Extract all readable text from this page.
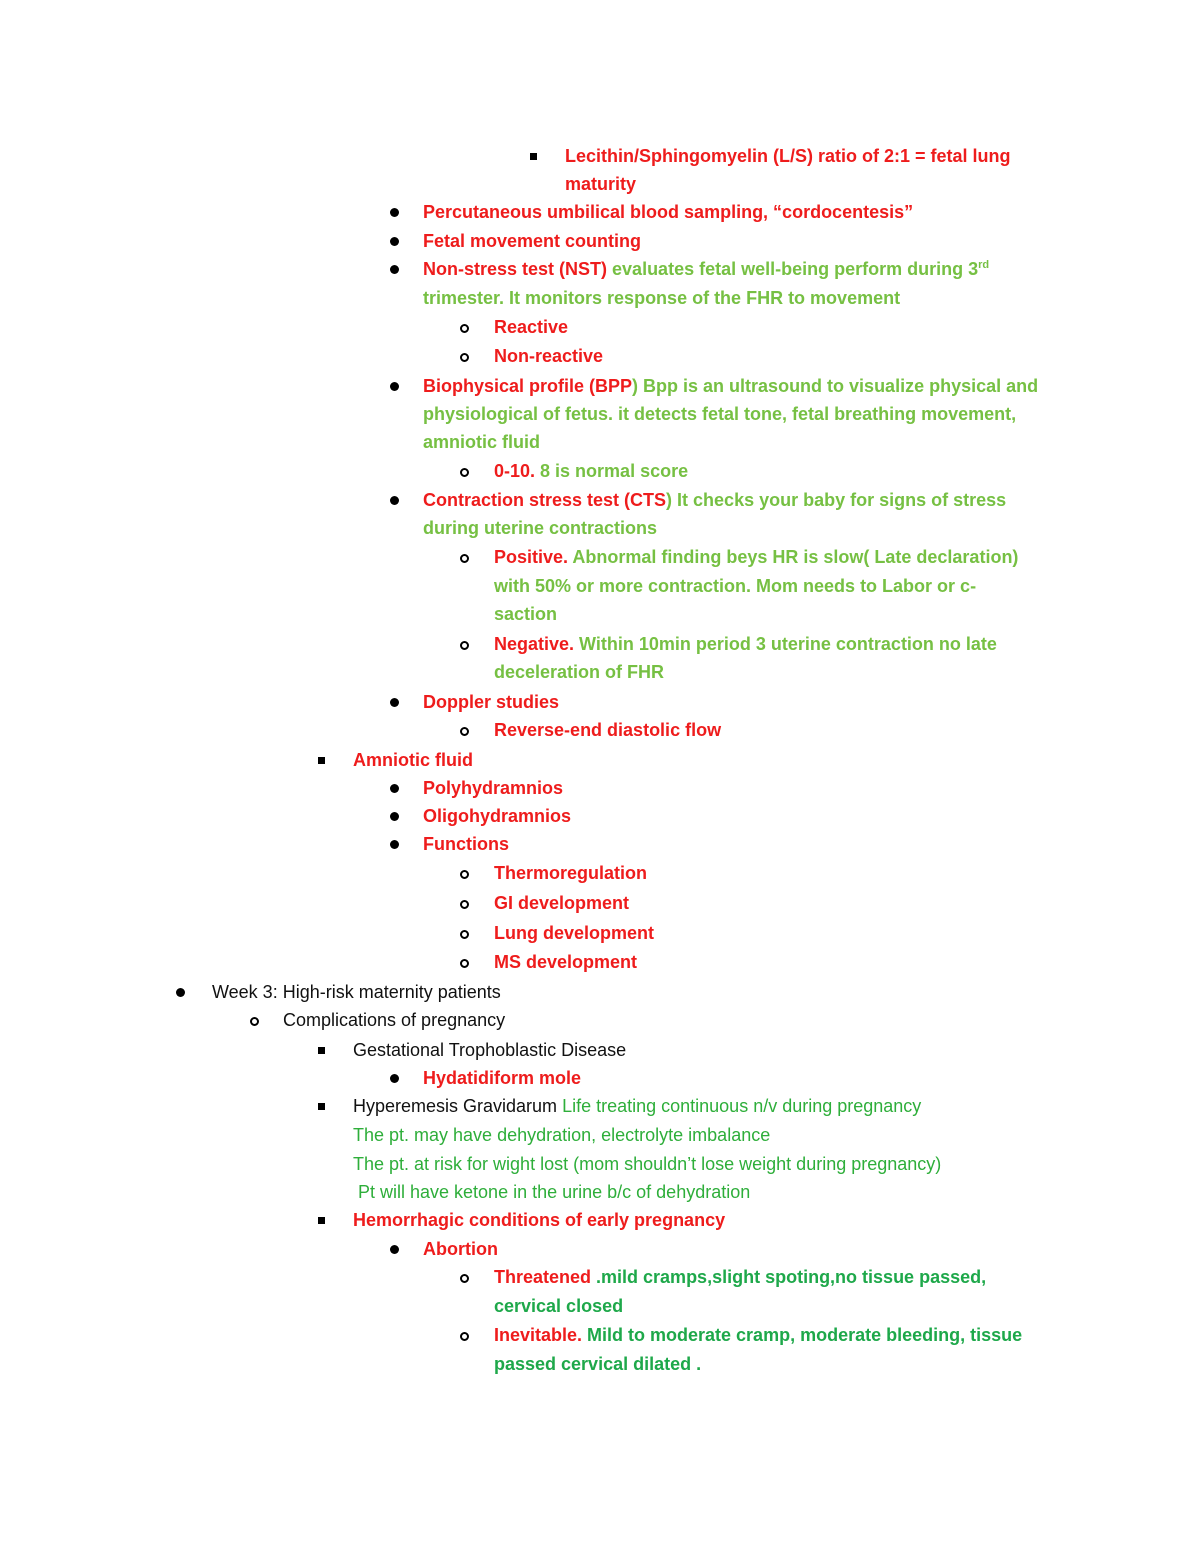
Lecithin/Sphingomyelin (L/S) ratio of 2:1 = fetal lung
maturity
Percutaneous umbilical blood sampling, “cordocentesis”
Fetal movement counting
Non-stress test (NST) evaluates fetal well-being perform during 3rd
trimester. It monitors response of the FHR to movement
Reactive
Non-reactive
Biophysical profile (BPP) Bpp is an ultrasound to visualize physical and
physiological of fetus. it detects fetal tone, fetal breathing movement,
amniotic fluid
0-10. 8 is normal score
Contraction stress test (CTS) It checks your baby for signs of stress
during uterine contractions
Positive. Abnormal finding beys HR is slow( Late declaration)
with 50% or more contraction. Mom needs to Labor or c-
saction
Negative. Within 10min period 3 uterine contraction no late
deceleration of FHR
Doppler studies
Reverse-end diastolic flow
Amniotic fluid
Polyhydramnios
Oligohydramnios
Functions
Thermoregulation
GI development
Lung development
MS development
Week 3: High-risk maternity patients
Complications of pregnancy
Gestational Trophoblastic Disease
Hydatidiform mole
Hyperemesis Gravidarum Life treating continuous n/v during pregnancy
The pt. may have dehydration, electrolyte imbalance
The pt. at risk for wight lost (mom shouldn’t lose weight during pregnancy)
Pt will have ketone in the urine b/c of dehydration
Hemorrhagic conditions of early pregnancy
Abortion
Threatened .mild cramps,slight spoting,no tissue passed,
cervical closed
Inevitable. Mild to moderate cramp, moderate bleeding, tissue
passed cervical dilated .
